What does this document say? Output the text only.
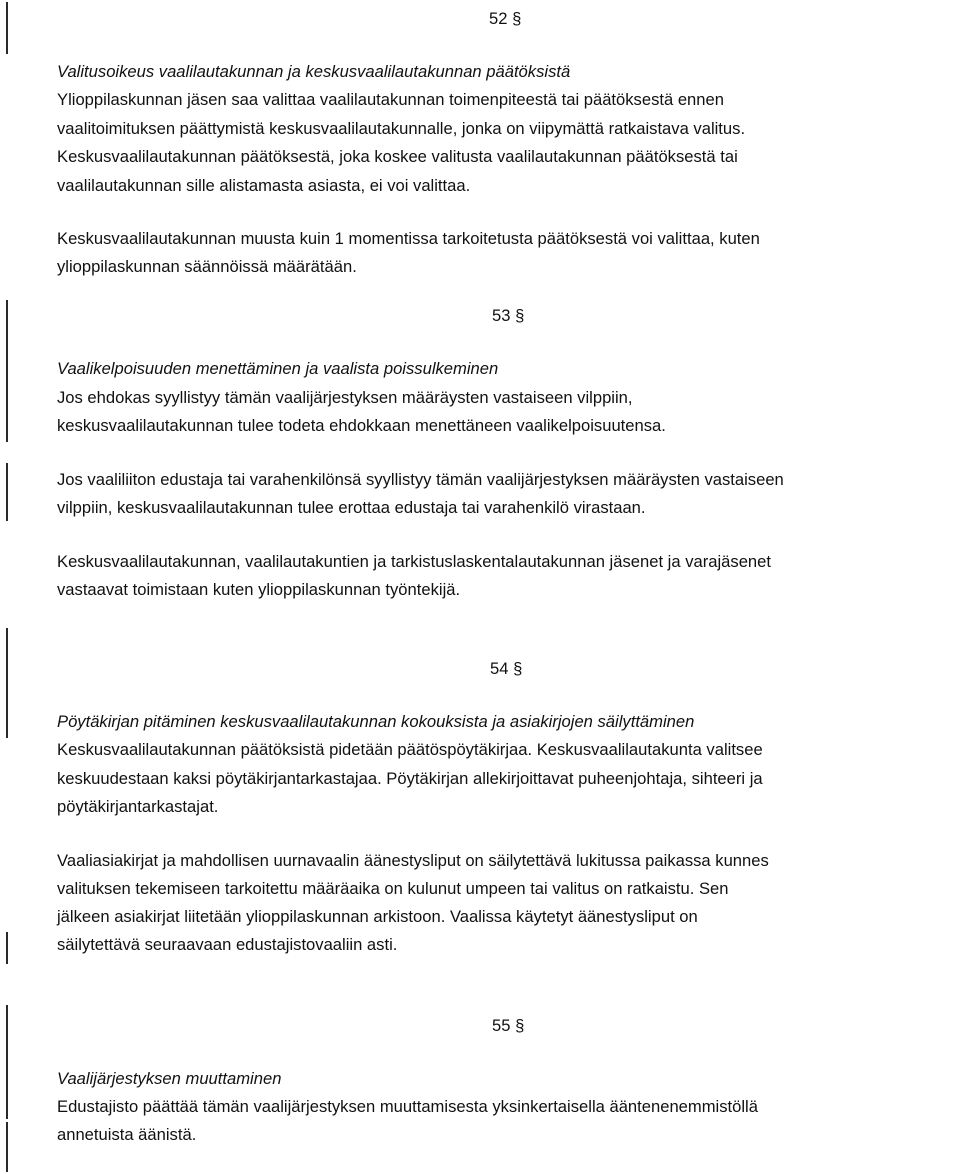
52 §
Valitusoikeus vaalilautakunnan ja keskusvaalilautakunnan päätöksistä
Ylioppilaskunnan jäsen saa valittaa vaalilautakunnan toimenpiteestä tai päätöksestä ennen
vaalitoimituksen päättymistä keskusvaalilautakunnalle, jonka on viipymättä ratkaistava valitus.
Keskusvaalilautakunnan päätöksestä, joka koskee valitusta vaalilautakunnan päätöksestä tai
vaalilautakunnan sille alistamasta asiasta, ei voi valittaa.
Keskusvaalilautakunnan muusta kuin 1 momentissa tarkoitetusta päätöksestä voi valittaa, kuten
ylioppilaskunnan säännöissä määrätään.
53 §
Vaalikelpoisuuden menettäminen ja vaalista poissulkeminen
Jos ehdokas syyllistyy tämän vaalijärjestyksen määräysten vastaiseen vilppiin,
keskusvaalilautakunnan tulee todeta ehdokkaan menettäneen vaalikelpoisuutensa.
Jos vaaliliiton edustaja tai varahenkilönsä syyllistyy tämän vaalijärjestyksen määräysten vastaiseen
vilppiin, keskusvaalilautakunnan tulee erottaa edustaja tai varahenkilö virastaan.
Keskusvaalilautakunnan, vaalilautakuntien ja tarkistuslaskentalautakunnan jäsenet ja varajäsenet
vastaavat toimistaan kuten ylioppilaskunnan työntekijä.
54 §
Pöytäkirjan pitäminen keskusvaalilautakunnan kokouksista ja asiakirjojen säilyttäminen
Keskusvaalilautakunnan päätöksistä pidetään päätöspöytäkirjaa. Keskusvaalilautakunta valitsee
keskuudestaan kaksi pöytäkirjantarkastajaa. Pöytäkirjan allekirjoittavat puheenjohtaja, sihteeri ja
pöytäkirjantarkastajat.
Vaaliasiakirjat ja mahdollisen uurnavaalin äänestysliput on säilytettävä lukitussa paikassa kunnes
valituksen tekemiseen tarkoitettu määräaika on kulunut umpeen tai valitus on ratkaistu. Sen
jälkeen asiakirjat liitetään ylioppilaskunnan arkistoon. Vaalissa käytetyt äänestysliput on
säilytettävä seuraavaan edustajistovaaliin asti.
55 §
Vaalijärjestyksen muuttaminen
Edustajisto päättää tämän vaalijärjestyksen muuttamisesta yksinkertaisella ääntenenemmistöllä
annetuista äänistä.
